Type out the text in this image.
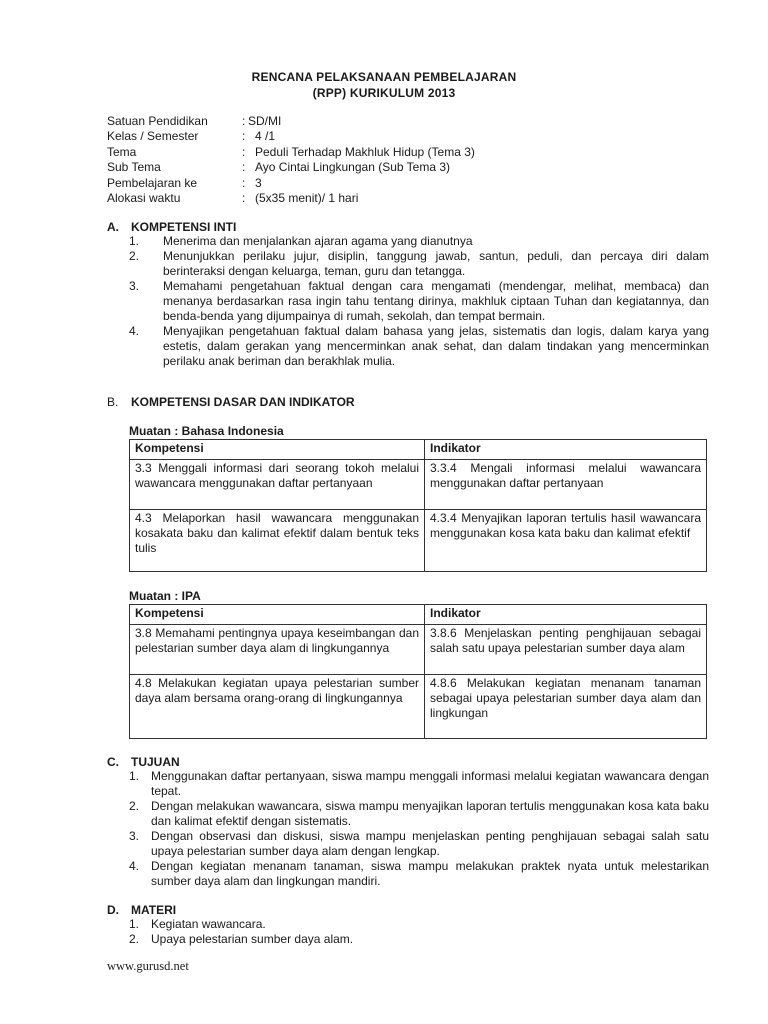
RENCANA PELAKSANAAN PEMBELAJARAN
(RPP) KURIKULUM 2013
Satuan Pendidikan	: SD/MI
Kelas / Semester	: 4 /1
Tema	: Peduli Terhadap Makhluk Hidup (Tema 3)
Sub Tema	: Ayo Cintai Lingkungan (Sub Tema 3)
Pembelajaran ke	: 3
Alokasi waktu	: (5x35 menit)/ 1 hari
A. KOMPETENSI INTI
1. Menerima dan menjalankan ajaran agama yang dianutnya
2. Menunjukkan perilaku jujur, disiplin, tanggung jawab, santun, peduli, dan percaya diri dalam berinteraksi dengan keluarga, teman, guru dan tetangga.
3. Memahami pengetahuan faktual dengan cara mengamati (mendengar, melihat, membaca) dan menanya berdasarkan rasa ingin tahu tentang dirinya, makhluk ciptaan Tuhan dan kegiatannya, dan benda-benda yang dijumpainya di rumah, sekolah, dan tempat bermain.
4. Menyajikan pengetahuan faktual dalam bahasa yang jelas, sistematis dan logis, dalam karya yang estetis, dalam gerakan yang mencerminkan anak sehat, dan dalam tindakan yang mencerminkan perilaku anak beriman dan berakhlak mulia.
B. KOMPETENSI DASAR DAN INDIKATOR
Muatan : Bahasa Indonesia
Kompetensi	Indikator
3.3 Menggali informasi dari seorang tokoh melalui wawancara menggunakan daftar pertanyaan	3.3.4 Mengali informasi melalui wawancara menggunakan daftar pertanyaan
4.3 Melaporkan hasil wawancara menggunakan kosakata baku dan kalimat efektif dalam bentuk teks tulis	4.3.4 Menyajikan laporan tertulis hasil wawancara menggunakan kosa kata baku dan kalimat efektif
Muatan : IPA
Kompetensi	Indikator
3.8 Memahami pentingnya upaya keseimbangan dan pelestarian sumber daya alam di lingkungannya	3.8.6 Menjelaskan penting penghijauan sebagai salah satu upaya pelestarian sumber daya alam
4.8 Melakukan kegiatan upaya pelestarian sumber daya alam bersama orang-orang di lingkungannya	4.8.6 Melakukan kegiatan menanam tanaman sebagai upaya pelestarian sumber daya alam dan lingkungan
C. TUJUAN
1. Menggunakan daftar pertanyaan, siswa mampu menggali informasi melalui kegiatan wawancara dengan tepat.
2. Dengan melakukan wawancara, siswa mampu menyajikan laporan tertulis menggunakan kosa kata baku dan kalimat efektif dengan sistematis.
3. Dengan observasi dan diskusi, siswa mampu menjelaskan penting penghijauan sebagai salah satu upaya pelestarian sumber daya alam dengan lengkap.
4. Dengan kegiatan menanam tanaman, siswa mampu melakukan praktek nyata untuk melestarikan sumber daya alam dan lingkungan mandiri.
D. MATERI
1. Kegiatan wawancara.
2. Upaya pelestarian sumber daya alam.
www.gurusd.net
